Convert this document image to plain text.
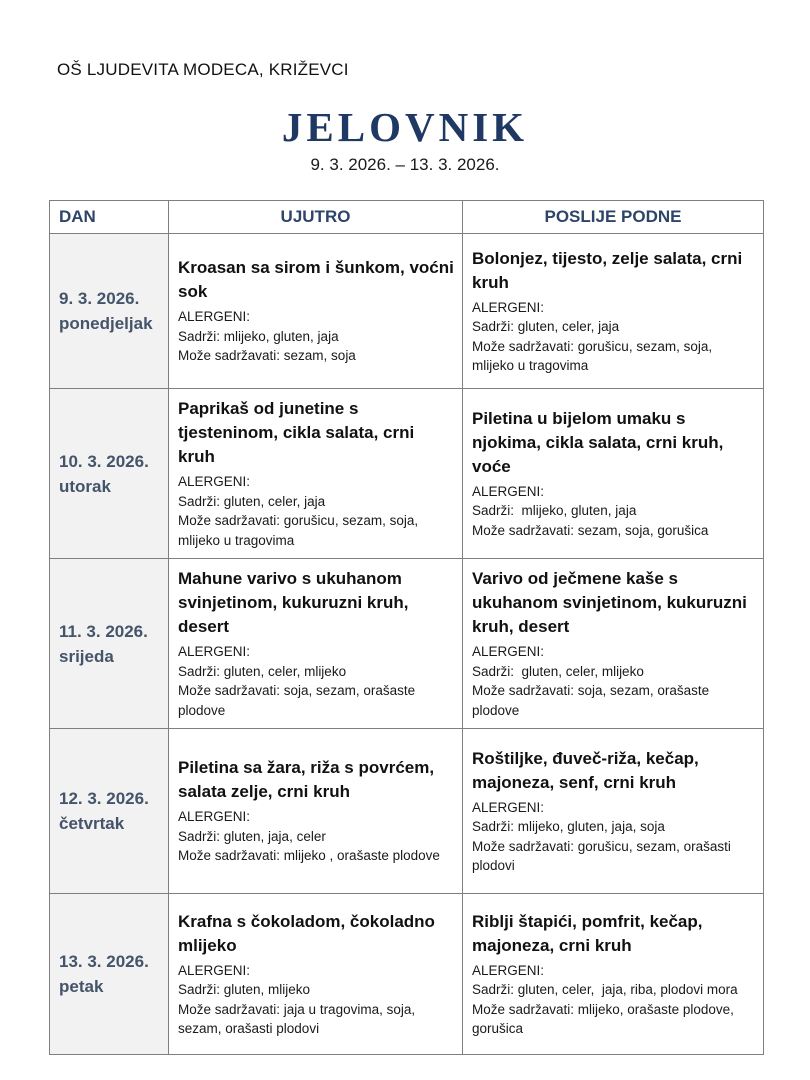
OŠ LJUDEVITA MODECA, KRIŽEVCI
JELOVNIK
9. 3. 2026. – 13. 3. 2026.
DAN	UJUTRO	POSLIJE PODNE

9. 3. 2026.
ponedjeljak

Kroasan sa sirom i šunkom, voćni sok
ALERGENI:
Sadrži: mlijeko, gluten, jaja
Može sadržavati: sezam, soja

Bolonjez, tijesto, zelje salata, crni kruh
ALERGENI:
Sadrži: gluten, celer, jaja
Može sadržavati: gorušicu, sezam, soja, mlijeko u tragovima

10. 3. 2026.
utorak

Paprikaš od junetine s tjesteninom, cikla salata, crni kruh
ALERGENI:
Sadrži: gluten, celer, jaja
Može sadržavati: gorušicu, sezam, soja, mlijeko u tragovima

Piletina u bijelom umaku s njokima, cikla salata, crni kruh, voće
ALERGENI:
Sadrži:  mlijeko, gluten, jaja
Može sadržavati: sezam, soja, gorušica

11. 3. 2026.
srijeda

Mahune varivo s ukuhanom svinjetinom, kukuruzni kruh, desert
ALERGENI:
Sadrži: gluten, celer, mlijeko
Može sadržavati: soja, sezam, orašaste plodove

Varivo od ječmene kaše s ukuhanom svinjetinom, kukuruzni kruh, desert
ALERGENI:
Sadrži:  gluten, celer, mlijeko
Može sadržavati: soja, sezam, orašaste plodove

12. 3. 2026.
četvrtak

Piletina sa žara, riža s povrćem, salata zelje, crni kruh
ALERGENI:
Sadrži: gluten, jaja, celer
Može sadržavati: mlijeko , orašaste plodove

Roštiljke, đuveč-riža, kečap, majoneza, senf, crni kruh
ALERGENI:
Sadrži: mlijeko, gluten, jaja, soja
Može sadržavati: gorušicu, sezam, orašasti plodovi

13. 3. 2026.
petak

Krafna s čokoladom, čokoladno mlijeko
ALERGENI:
Sadrži: gluten, mlijeko
Može sadržavati: jaja u tragovima, soja, sezam, orašasti plodovi

Riblji štapići, pomfrit, kečap, majoneza, crni kruh
ALERGENI:
Sadrži: gluten, celer,  jaja, riba, plodovi mora
Može sadržavati: mlijeko, orašaste plodove, gorušica
